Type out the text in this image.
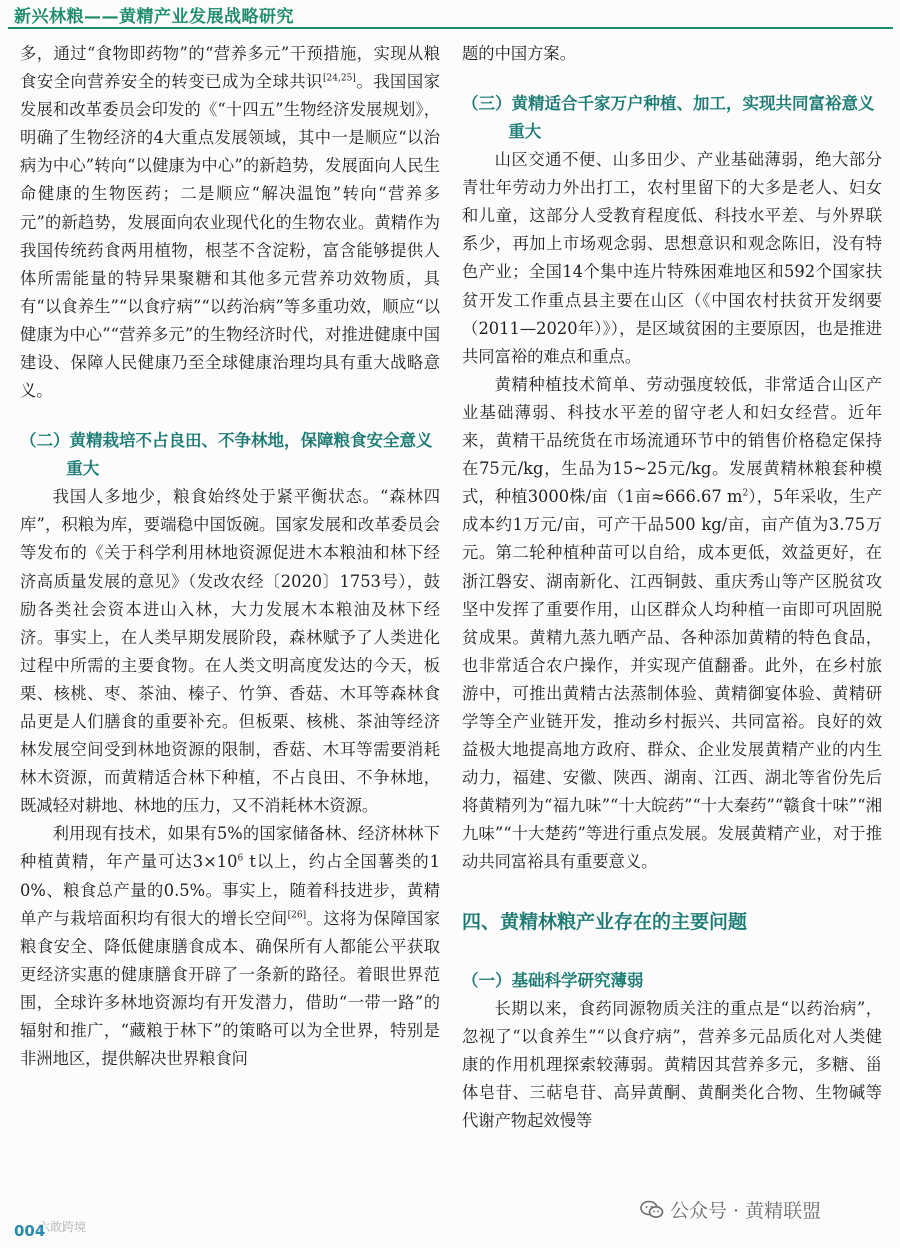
新兴林粮——黄精产业发展战略研究

多，通过“食物即药物”的“营养多元”干预措施，实现从粮食安全向营养安全的转变已成为全球共识[24,25]。我国国家发展和改革委员会印发的《“十四五”生物经济发展规划》，明确了生物经济的4大重点发展领域，其中一是顺应“以治病为中心”转向“以健康为中心”的新趋势，发展面向人民生命健康的生物医药；二是顺应“解决温饱”转向“营养多元”的新趋势，发展面向农业现代化的生物农业。黄精作为我国传统药食两用植物，根茎不含淀粉，富含能够提供人体所需能量的特异果聚糖和其他多元营养功效物质，具有“以食养生”“以食疗病”“以药治病”等多重功效，顺应“以健康为中心”“营养多元”的生物经济时代，对推进健康中国建设、保障人民健康乃至全球健康治理均具有重大战略意义。

（二）黄精栽培不占良田、不争林地，保障粮食安全意义重大

我国人多地少，粮食始终处于紧平衡状态。“森林四库”，积粮为库，要端稳中国饭碗。国家发展和改革委员会等发布的《关于科学利用林地资源促进木本粮油和林下经济高质量发展的意见》（发改农经〔2020〕1753号），鼓励各类社会资本进山入林，大力发展木本粮油及林下经济。事实上，在人类早期发展阶段，森林赋予了人类进化过程中所需的主要食物。在人类文明高度发达的今天，板栗、核桃、枣、茶油、榛子、竹笋、香菇、木耳等森林食品更是人们膳食的重要补充。但板栗、核桃、茶油等经济林发展空间受到林地资源的限制，香菇、木耳等需要消耗林木资源，而黄精适合林下种植，不占良田、不争林地，既减轻对耕地、林地的压力，又不消耗林木资源。

利用现有技术，如果有5%的国家储备林、经济林林下种植黄精，年产量可达$3\times 10^6$ t以上，约占全国薯类的10%、粮食总产量的0.5%。事实上，随着科技进步，黄精单产与栽培面积均有很大的增长空间[26]。这将为保障国家粮食安全、降低健康膳食成本、确保所有人都能公平获取更经济实惠的健康膳食开辟了一条新的路径。着眼世界范围，全球许多林地资源均有开发潜力，借助“一带一路”的辐射和推广，“藏粮于林下”的策略可以为全世界，特别是非洲地区，提供解决世界粮食问

题的中国方案。

（三）黄精适合千家万户种植、加工，实现共同富裕意义重大

山区交通不便、山多田少、产业基础薄弱，绝大部分青壮年劳动力外出打工，农村里留下的大多是老人、妇女和儿童，这部分人受教育程度低、科技水平差、与外界联系少，再加上市场观念弱、思想意识和观念陈旧，没有特色产业；全国14个集中连片特殊困难地区和592个国家扶贫开发工作重点县主要在山区（《中国农村扶贫开发纲要（2011—2020年）》），是区域贫困的主要原因，也是推进共同富裕的难点和重点。

黄精种植技术简单、劳动强度较低，非常适合山区产业基础薄弱、科技水平差的留守老人和妇女经营。近年来，黄精干品统货在市场流通环节中的销售价格稳定保持在75元/kg，生品为15~25元/kg。发展黄精林粮套种模式，种植3000株/亩（1亩≈666.67 $m^2$），5年采收，生产成本约1万元/亩，可产干品500 kg/亩，亩产值为3.75万元。第二轮种植种苗可以自给，成本更低，效益更好，在浙江磐安、湖南新化、江西铜鼓、重庆秀山等产区脱贫攻坚中发挥了重要作用，山区群众人均种植一亩即可巩固脱贫成果。黄精九蒸九晒产品、各种添加黄精的特色食品，也非常适合农户操作，并实现产值翻番。此外，在乡村旅游中，可推出黄精古法蒸制体验、黄精御宴体验、黄精研学等全产业链开发，推动乡村振兴、共同富裕。良好的效益极大地提高地方政府、群众、企业发展黄精产业的内生动力，福建、安徽、陕西、湖南、江西、湖北等省份先后将黄精列为“福九味”“十大皖药”“十大秦药”“赣食十味”“湘九味”“十大楚药”等进行重点发展。发展黄精产业，对于推动共同富裕具有重要意义。

四、黄精林粮产业存在的主要问题

（一）基础科学研究薄弱

长期以来，食药同源物质关注的重点是“以药治病”，忽视了“以食养生”“以食疗病”，营养多元品质化对人类健康的作用机理探索较薄弱。黄精因其营养多元，多糖、甾体皂苷、三萜皂苷、高异黄酮、黄酮类化合物、生物碱等代谢产物起效慢等

公众号 · 黄精联盟
六敢跨境
004
